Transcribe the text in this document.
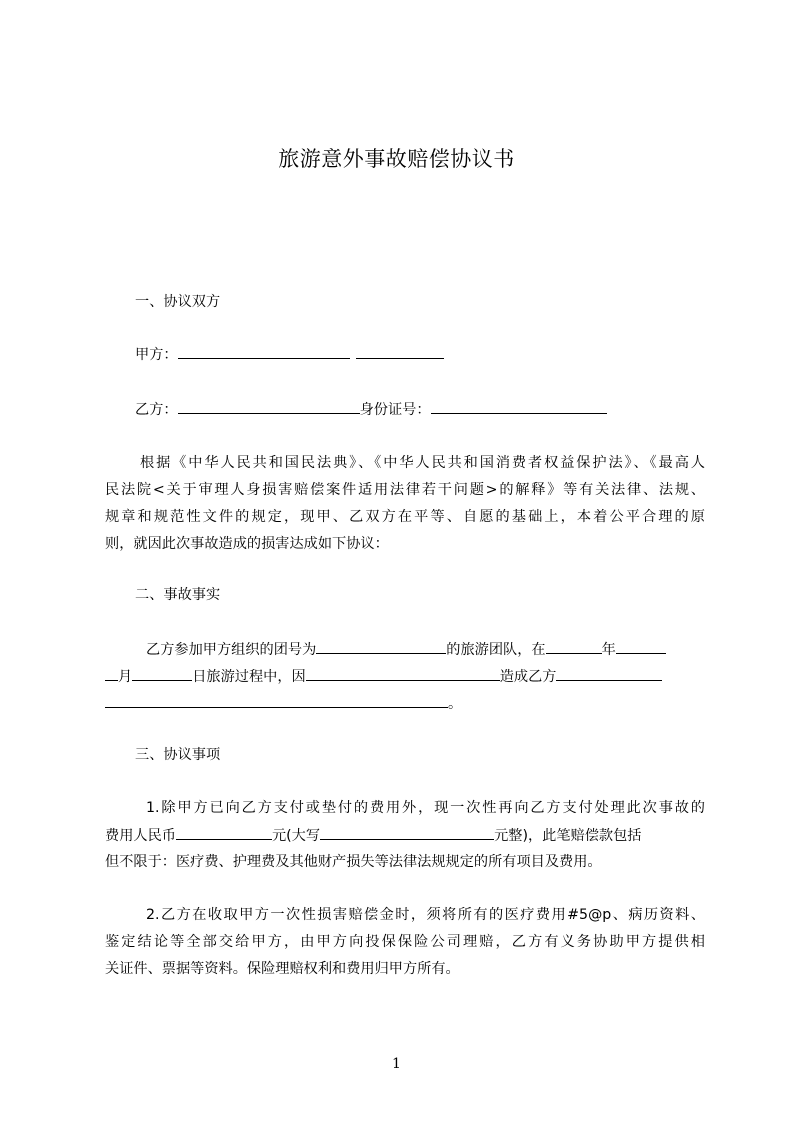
旅游意外事故赔偿协议书
一、协议双方
甲方：
乙方：	身份证号：
根据《中华人民共和国民法典》、《中华人民共和国消费者权益保护法》、《最高人
民法院<关于审理人身损害赔偿案件适用法律若干问题>的解释》等有关法律、法规、
规章和规范性文件的规定，现甲、乙双方在平等、自愿的基础上，本着公平合理的原
则，就因此次事故造成的损害达成如下协议：
二、事故事实
乙方参加甲方组织的团号为	的旅游团队，在	年
月	日旅游过程中，因	造成乙方
。
三、协议事项
1.除甲方已向乙方支付或垫付的费用外，现一次性再向乙方支付处理此次事故的
费用人民币	元(大写	元整)，此笔赔偿款包括
但不限于：医疗费、护理费及其他财产损失等法律法规规定的所有项目及费用。
2.乙方在收取甲方一次性损害赔偿金时，须将所有的医疗费用#5@p、病历资料、
鉴定结论等全部交给甲方，由甲方向投保保险公司理赔，乙方有义务协助甲方提供相
关证件、票据等资料。保险理赔权利和费用归甲方所有。
1
